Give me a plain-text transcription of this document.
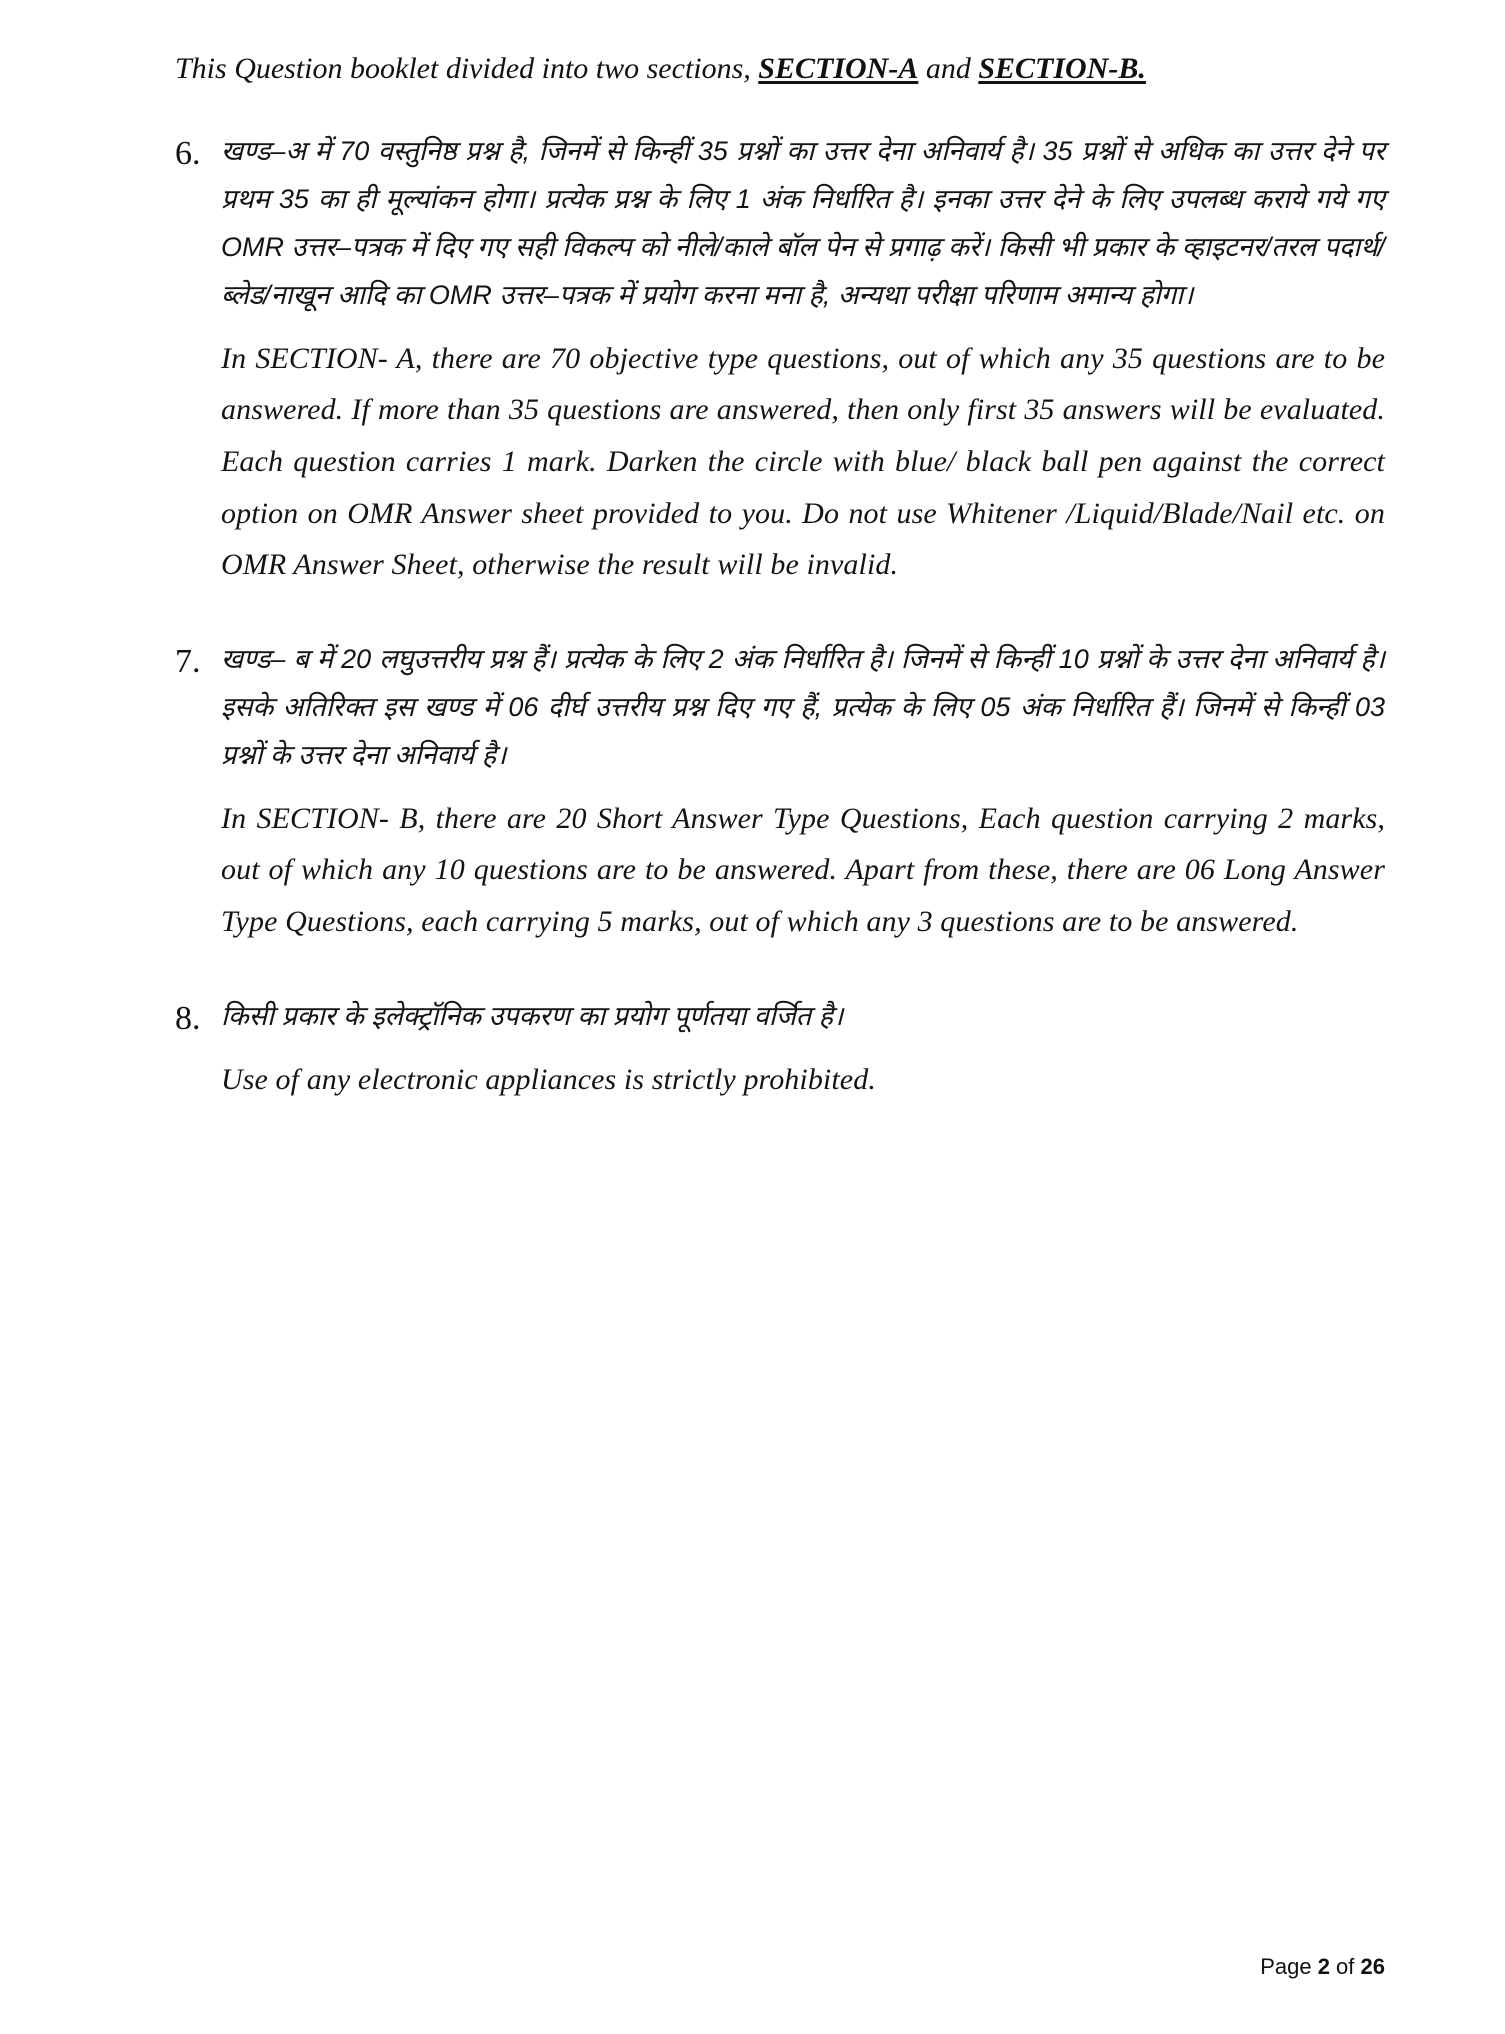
This Question booklet divided into two sections, SECTION-A and SECTION-B.

6. खण्ड–अ में 70 वस्तुनिष्ठ प्रश्न है, जिनमें से किन्हीं 35 प्रश्नों का उत्तर देना अनिवार्य है। 35 प्रश्नों से अधिक का उत्तर देने पर प्रथम 35 का ही मूल्यांकन होगा। प्रत्येक प्रश्न के लिए 1 अंक निर्धारित है। इनका उत्तर देने के लिए उपलब्ध कराये गये गए OMR उत्तर–पत्रक में दिए गए सही विकल्प को नीले/काले बॉल पेन से प्रगाढ़ करें। किसी भी प्रकार के व्हाइटनर/तरल पदार्थ/ब्लेड/नाखून आदि का OMR उत्तर–पत्रक में प्रयोग करना मना है, अन्यथा परीक्षा परिणाम अमान्य होगा।

In SECTION- A, there are 70 objective type questions, out of which any 35 questions are to be answered. If more than 35 questions are answered, then only first 35 answers will be evaluated. Each question carries 1 mark. Darken the circle with blue/ black ball pen against the correct option on OMR Answer sheet provided to you. Do not use Whitener /Liquid/Blade/Nail etc. on OMR Answer Sheet, otherwise the result will be invalid.

7. खण्ड– ब में 20 लघुउत्तरीय प्रश्न हैं। प्रत्येक के लिए 2 अंक निर्धारित है। जिनमें से किन्हीं 10 प्रश्नों के उत्तर देना अनिवार्य है। इसके अतिरिक्त इस खण्ड में 06 दीर्घ उत्तरीय प्रश्न दिए गए हैं, प्रत्येक के लिए 05 अंक निर्धारित हैं। जिनमें से किन्हीं 03 प्रश्नों के उत्तर देना अनिवार्य है।

In SECTION- B, there are 20 Short Answer Type Questions, Each question carrying 2 marks, out of which any 10 questions are to be answered. Apart from these, there are 06 Long Answer Type Questions, each carrying 5 marks, out of which any 3 questions are to be answered.

8. किसी प्रकार के इलेक्ट्रॉनिक उपकरण का प्रयोग पूर्णतया वर्जित है।

Use of any electronic appliances is strictly prohibited.

Page 2 of 26
